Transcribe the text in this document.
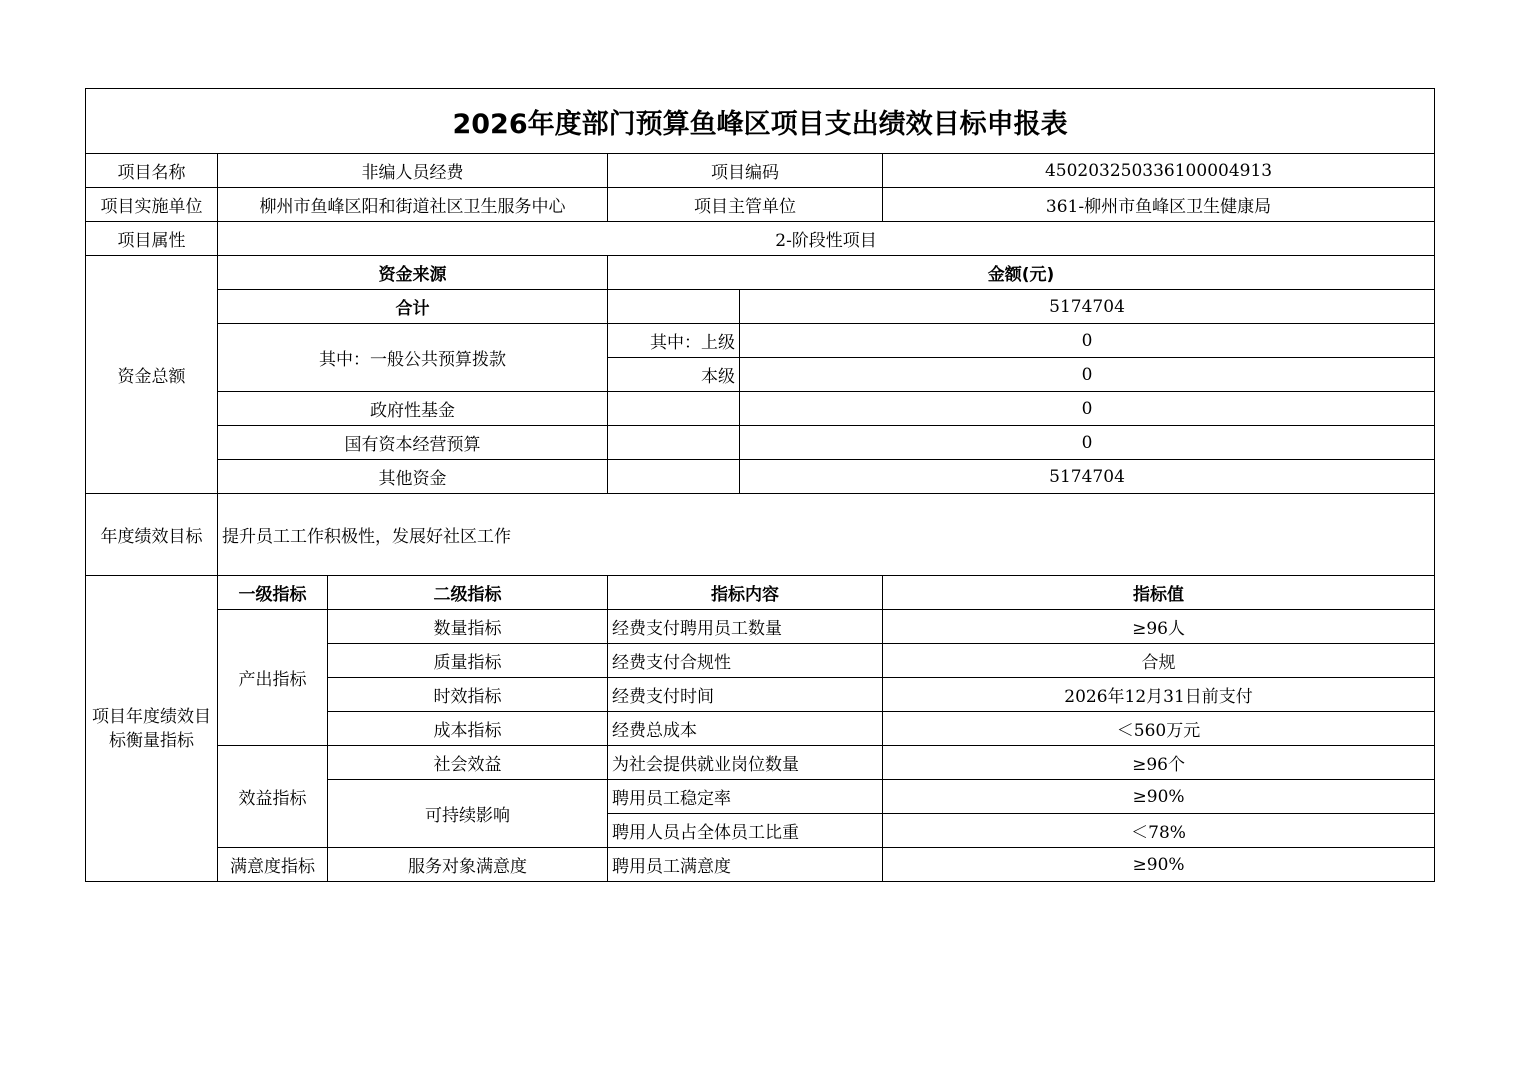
2026年度部门预算鱼峰区项目支出绩效目标申报表					
项目名称	非编人员经费		项目编码		450203250336100004913
项目实施单位	柳州市鱼峰区阳和街道社区卫生服务中心		项目主管单位		361-柳州市鱼峰区卫生健康局
项目属性	2-阶段性项目				
资金总额	资金来源		金额(元)		
	合计			5174704	
	其中：一般公共预算拨款		其中：上级	0	
			本级	0	
	政府性基金			0	
	国有资本经营预算			0	
	其他资金			5174704	
年度绩效目标	提升员工工作积极性，发展好社区工作				
项目年度绩效目标衡量指标	一级指标	二级指标	指标内容		指标值
	产出指标	数量指标	经费支付聘用员工数量		≥96人
		质量指标	经费支付合规性		合规
		时效指标	经费支付时间		2026年12月31日前支付
		成本指标	经费总成本		＜560万元
	效益指标	社会效益	为社会提供就业岗位数量		≥96个
		可持续影响	聘用员工稳定率		≥90%
			聘用人员占全体员工比重		＜78%
	满意度指标	服务对象满意度	聘用员工满意度		≥90%
